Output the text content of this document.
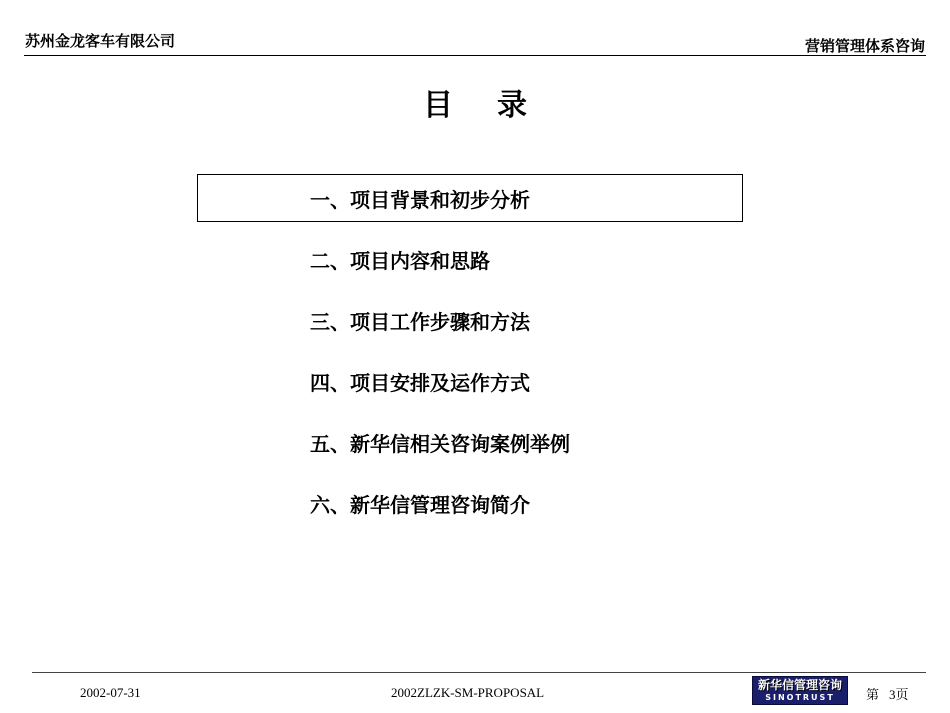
苏州金龙客车有限公司	营销管理体系咨询
目录
一、项目背景和初步分析
二、项目内容和思路
三、项目工作步骤和方法
四、项目安排及运作方式
五、新华信相关咨询案例举例
六、新华信管理咨询简介
2002-07-31	2002ZLZK-SM-PROPOSAL	新华信管理咨询
SINOTRUST	第 3页
